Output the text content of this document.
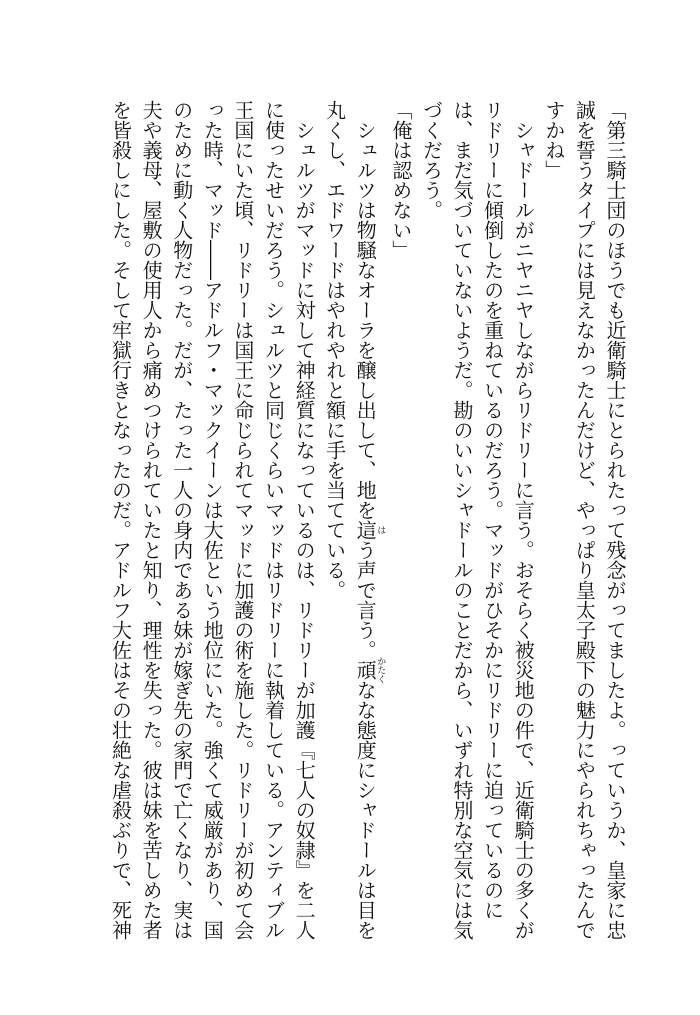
「第三騎士団のほうでも近衛騎士にとられたって残念がってましたよ。っていうか、皇家に忠
誠を誓うタイプには見えなかったんだけど、やっぱり皇太子殿下の魅力にやられちゃったんで
すかね」
　シャドールがニヤニヤしながらリドリーに言う。おそらく被災地の件で、近衛騎士の多くが
リドリーに傾倒したのを重ねているのだろう。マッドがひそかにリドリーに迫っているのに
は、まだ気づいていないようだ。勘のいいシャドールのことだから、いずれ特別な空気には気
づくだろう。
「俺は認めない」
　シュルツは物騒なオーラを醸し出して、地を這はう声で言う。頑かたくなな態度にシャドールは目を
丸くし、エドワードはやれやれと額に手を当てている。
　シュルツがマッドに対して神経質になっているのは、リドリーが加護『七人の奴隷』を二人
に使ったせいだろう。シュルツと同じくらいマッドはリドリーに執着している。アンティブル
王国にいた頃、リドリーは国王に命じられてマッドに加護の術を施した。リドリーが初めて会
った時、マッド――アドルフ・マックイーンは大佐という地位にいた。強くて威厳があり、国
のために動く人物だった。だが、たった一人の身内である妹が嫁ぎ先の家門で亡くなり、実は
夫や義母、屋敷の使用人から痛めつけられていたと知り、理性を失った。彼は妹を苦しめた者
を皆殺しにした。そして牢獄行きとなったのだ。アドルフ大佐はその壮絶な虐殺ぶりで、死神
